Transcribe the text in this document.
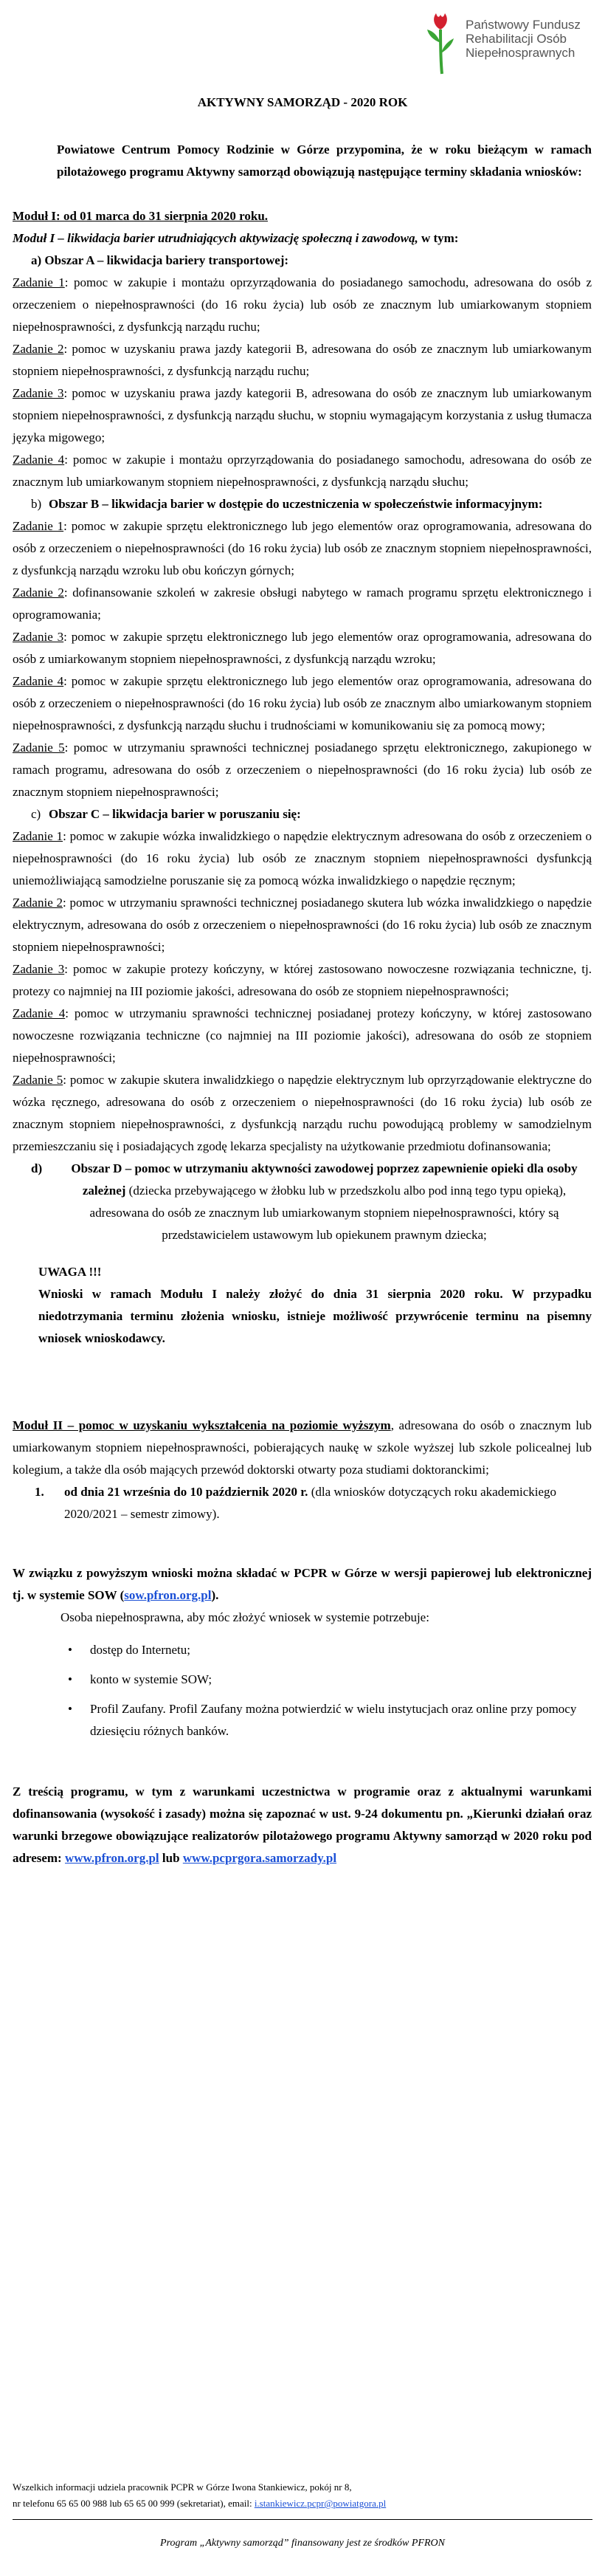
Państwowy Fundusz
Rehabilitacji Osób
Niepełnosprawnych
AKTYWNY SAMORZĄD - 2020 ROK

Powiatowe Centrum Pomocy Rodzinie w Górze przypomina, że w roku bieżącym w ramach pilotażowego programu Aktywny samorząd obowiązują następujące terminy składania wniosków:

Moduł I: od 01 marca do 31 sierpnia 2020 roku.

Moduł I – likwidacja barier utrudniających aktywizację społeczną i zawodową, w tym:

a) Obszar A – likwidacja bariery transportowej:

Zadanie 1: pomoc w zakupie i montażu oprzyrządowania do posiadanego samochodu, adresowana do osób z orzeczeniem o niepełnosprawności (do 16 roku życia) lub osób ze znacznym lub umiarkowanym stopniem niepełnosprawności, z dysfunkcją narządu ruchu;

Zadanie 2: pomoc w uzyskaniu prawa jazdy kategorii B, adresowana do osób ze znacznym lub umiarkowanym stopniem niepełnosprawności, z dysfunkcją narządu ruchu;

Zadanie 3: pomoc w uzyskaniu prawa jazdy kategorii B, adresowana do osób ze znacznym lub umiarkowanym stopniem niepełnosprawności, z dysfunkcją narządu słuchu, w stopniu wymagającym korzystania z usług tłumacza języka migowego;

Zadanie 4: pomoc w zakupie i montażu oprzyrządowania do posiadanego samochodu, adresowana do osób ze znacznym lub umiarkowanym stopniem niepełnosprawności, z dysfunkcją narządu słuchu;

b) Obszar B – likwidacja barier w dostępie do uczestniczenia w społeczeństwie informacyjnym:

Zadanie 1: pomoc w zakupie sprzętu elektronicznego lub jego elementów oraz oprogramowania, adresowana do osób z orzeczeniem o niepełnosprawności (do 16 roku życia) lub osób ze znacznym stopniem niepełnosprawności, z dysfunkcją narządu wzroku lub obu kończyn górnych;

Zadanie 2: dofinansowanie szkoleń w zakresie obsługi nabytego w ramach programu sprzętu elektronicznego i oprogramowania;

Zadanie 3: pomoc w zakupie sprzętu elektronicznego lub jego elementów oraz oprogramowania, adresowana do osób z umiarkowanym stopniem niepełnosprawności, z dysfunkcją narządu wzroku;

Zadanie 4: pomoc w zakupie sprzętu elektronicznego lub jego elementów oraz oprogramowania, adresowana do osób z orzeczeniem o niepełnosprawności (do 16 roku życia) lub osób ze znacznym albo umiarkowanym stopniem niepełnosprawności, z dysfunkcją narządu słuchu i trudnościami w komunikowaniu się za pomocą mowy;

Zadanie 5: pomoc w utrzymaniu sprawności technicznej posiadanego sprzętu elektronicznego, zakupionego w ramach programu, adresowana do osób z orzeczeniem o niepełnosprawności (do 16 roku życia) lub osób ze znacznym stopniem niepełnosprawności;

c) Obszar C – likwidacja barier w poruszaniu się:

Zadanie 1: pomoc w zakupie wózka inwalidzkiego o napędzie elektrycznym adresowana do osób z orzeczeniem o niepełnosprawności (do 16 roku życia) lub osób ze znacznym stopniem niepełnosprawności dysfunkcją uniemożliwiającą samodzielne poruszanie się za pomocą wózka inwalidzkiego o napędzie ręcznym;

Zadanie 2: pomoc w utrzymaniu sprawności technicznej posiadanego skutera lub wózka inwalidzkiego o napędzie elektrycznym, adresowana do osób z orzeczeniem o niepełnosprawności (do 16 roku życia) lub osób ze znacznym stopniem niepełnosprawności;

Zadanie 3: pomoc w zakupie protezy kończyny, w której zastosowano nowoczesne rozwiązania techniczne, tj. protezy co najmniej na III poziomie jakości, adresowana do osób ze stopniem niepełnosprawności;

Zadanie 4: pomoc w utrzymaniu sprawności technicznej posiadanej protezy kończyny, w której zastosowano nowoczesne rozwiązania techniczne (co najmniej na III poziomie jakości), adresowana do osób ze stopniem niepełnosprawności;

Zadanie 5: pomoc w zakupie skutera inwalidzkiego o napędzie elektrycznym lub oprzyrządowanie elektryczne do wózka ręcznego, adresowana do osób z orzeczeniem o niepełnosprawności (do 16 roku życia) lub osób ze znacznym stopniem niepełnosprawności, z dysfunkcją narządu ruchu powodującą problemy w samodzielnym przemieszczaniu się i posiadających zgodę lekarza specjalisty na użytkowanie przedmiotu dofinansowania;

d)	Obszar D – pomoc w utrzymaniu aktywności zawodowej poprzez zapewnienie opieki dla osoby zależnej (dziecka przebywającego w żłobku lub w przedszkolu albo pod inną tego typu opieką), adresowana do osób ze znacznym lub umiarkowanym stopniem niepełnosprawności, który są przedstawicielem ustawowym lub opiekunem prawnym dziecka;

UWAGA !!!

Wnioski w ramach Modułu I należy złożyć do dnia 31 sierpnia 2020 roku. W przypadku niedotrzymania terminu złożenia wniosku, istnieje możliwość przywrócenie terminu na pisemny wniosek wnioskodawcy.

Moduł II – pomoc w uzyskaniu wykształcenia na poziomie wyższym, adresowana do osób o znacznym lub umiarkowanym stopniem niepełnosprawności, pobierających naukę w szkole wyższej lub szkole policealnej lub kolegium, a także dla osób mających przewód doktorski otwarty poza studiami doktoranckimi;

1.	od dnia 21 września do 10 październik 2020 r. (dla wniosków dotyczących roku akademickiego 2020/2021 – semestr zimowy).

W związku z powyższym wnioski można składać w PCPR w Górze w wersji papierowej lub elektronicznej tj. w systemie SOW (sow.pfron.org.pl).

Osoba niepełnosprawna, aby móc złożyć wniosek w systemie potrzebuje:

•	dostęp do Internetu;
•	konto w systemie SOW;
•	Profil Zaufany. Profil Zaufany można potwierdzić w wielu instytucjach oraz online przy pomocy dziesięciu różnych banków.

Z treścią programu, w tym z warunkami uczestnictwa w programie oraz z aktualnymi warunkami dofinansowania (wysokość i zasady) można się zapoznać w ust. 9-24 dokumentu pn. „Kierunki działań oraz warunki brzegowe obowiązujące realizatorów pilotażowego programu Aktywny samorząd w 2020 roku pod adresem: www.pfron.org.pl lub www.pcprgora.samorzady.pl

Wszelkich informacji udziela pracownik PCPR w Górze Iwona Stankiewicz, pokój nr 8,
nr telefonu 65 65 00 988 lub 65 65 00 999 (sekretariat), email: i.stankiewicz.pcpr@powiatgora.pl
Program „Aktywny samorząd” finansowany jest ze środków PFRON
